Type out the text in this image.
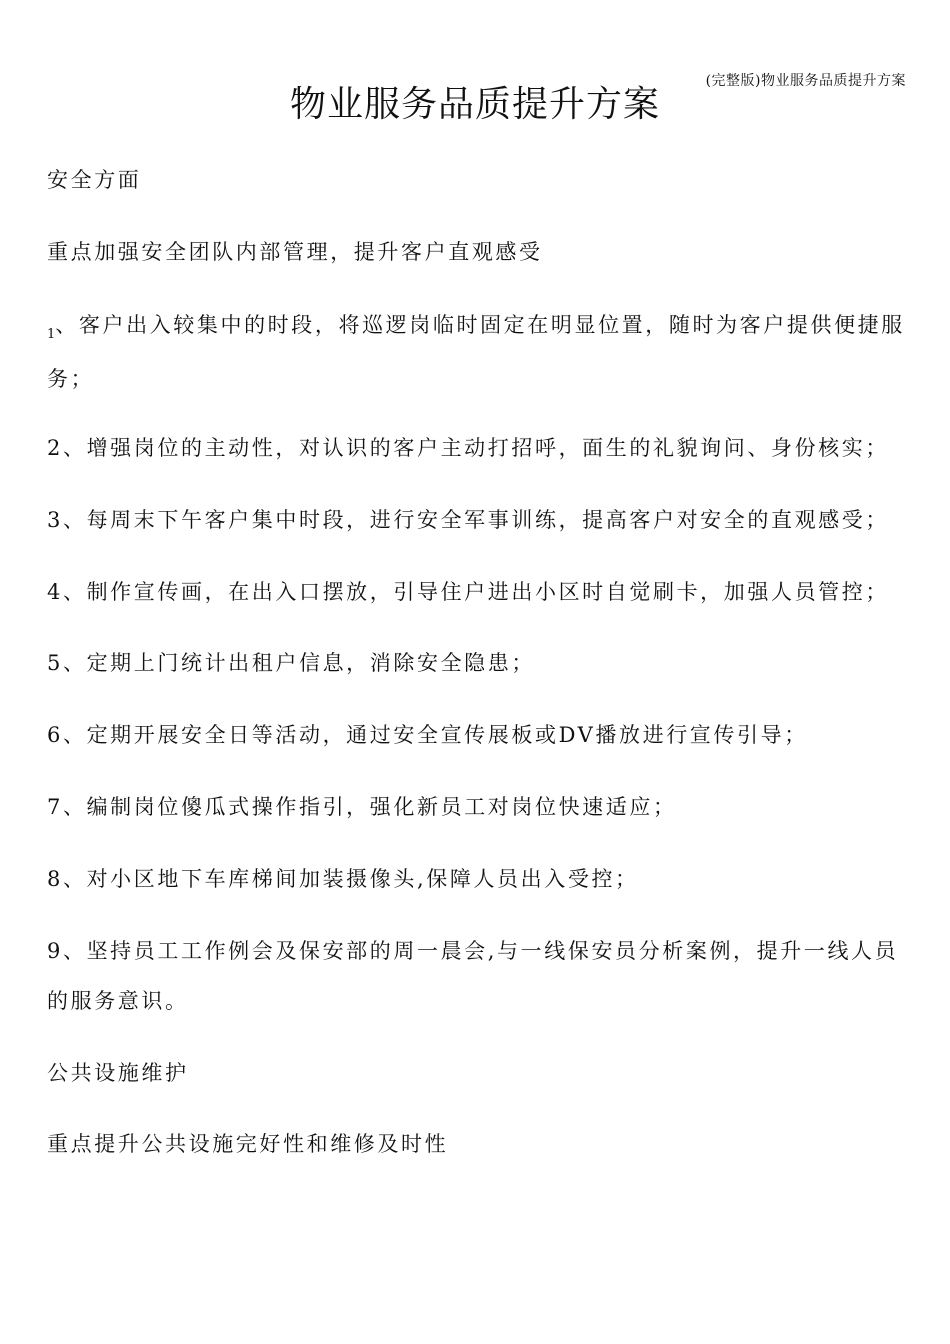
(完整版)物业服务品质提升方案
物业服务品质提升方案
安全方面
重点加强安全团队内部管理，提升客户直观感受
$_1$、客户出入较集中的时段，将巡逻岗临时固定在明显位置，随时为客户提供便捷服务；
2、增强岗位的主动性，对认识的客户主动打招呼，面生的礼貌询问、身份核实；
3、每周末下午客户集中时段，进行安全军事训练，提高客户对安全的直观感受；
4、制作宣传画，在出入口摆放，引导住户进出小区时自觉刷卡，加强人员管控；
5、定期上门统计出租户信息，消除安全隐患；
6、定期开展安全日等活动，通过安全宣传展板或DV播放进行宣传引导；
7、编制岗位傻瓜式操作指引，强化新员工对岗位快速适应；
8、对小区地下车库梯间加装摄像头,保障人员出入受控；
9、坚持员工工作例会及保安部的周一晨会,与一线保安员分析案例，提升一线人员的服务意识。
公共设施维护
重点提升公共设施完好性和维修及时性
